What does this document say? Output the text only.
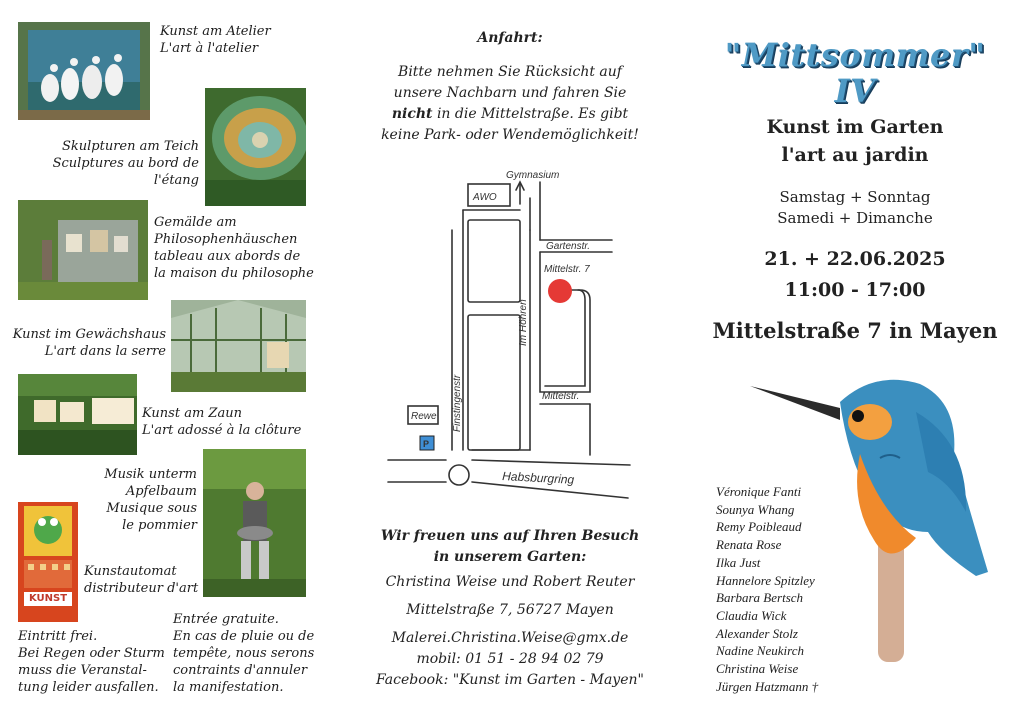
Kunst am Atelier
L'art à l'atelier
Skulpturen am Teich
Sculptures au bord de l'étang
Gemälde am
Philosophenhäuschen
tableau aux abords de
la maison du philosophe
Kunst im Gewächshaus
L'art dans la serre
Kunst am Zaun
L'art adossé à la clôture
Musik unterm
Apfelbaum
Musique sous
le pommier
KUNST
Kunstautomat
distributeur d'art
Eintritt frei.
Bei Regen oder Sturm
muss die Veranstal-
tung leider ausfallen.
Entrée gratuite.
En cas de pluie ou de
tempête, nous serons
contraints d'annuler
la manifestation.
Anfahrt:
Bitte nehmen Sie Rücksicht auf
unsere Nachbarn und fahren Sie
nicht in die Mittelstraße. Es gibt
keine Park- oder Wendemöglichkeit!
Gymnasium
AWO
Gartenstr.
Mittelstr. 7
Im Höhren
Mittelstr.
Finstingenstr
Rewe
P
Habsburgring
Wir freuen uns auf Ihren Besuch
in unserem Garten:
Christina Weise und Robert Reuter
Mittelstraße 7, 56727 Mayen
Malerei.Christina.Weise@gmx.de
mobil: 01 51 - 28 94 02 79
Facebook: "Kunst im Garten - Mayen"
"Mittsommer"
IV
Kunst im Garten
l'art au jardin
Samstag + Sonntag
Samedi + Dimanche
21. + 22.06.2025
11:00 - 17:00
Mittelstraße 7 in Mayen
Véronique Fanti
Sounya Whang
Remy Poibleaud
Renata Rose
Ilka Just
Hannelore Spitzley
Barbara Bertsch
Claudia Wick
Alexander Stolz
Nadine Neukirch
Christina Weise
Jürgen Hatzmann †
